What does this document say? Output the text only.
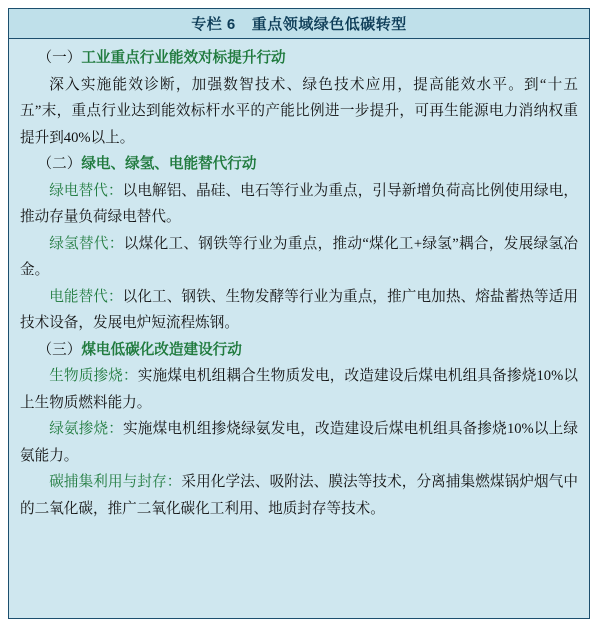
专栏 6 重点领域绿色低碳转型

（一）工业重点行业能效对标提升行动

深入实施能效诊断，加强数智技术、绿色技术应用，提高能效水平。到“十五五”末，重点行业达到能效标杆水平的产能比例进一步提升，可再生能源电力消纳权重提升到40%以上。

（二）绿电、绿氢、电能替代行动

绿电替代：以电解铝、晶硅、电石等行业为重点，引导新增负荷高比例使用绿电，推动存量负荷绿电替代。

绿氢替代：以煤化工、钢铁等行业为重点，推动“煤化工+绿氢”耦合，发展绿氢冶金。

电能替代：以化工、钢铁、生物发酵等行业为重点，推广电加热、熔盐蓄热等适用技术设备，发展电炉短流程炼钢。

（三）煤电低碳化改造建设行动

生物质掺烧：实施煤电机组耦合生物质发电，改造建设后煤电机组具备掺烧10%以上生物质燃料能力。

绿氨掺烧：实施煤电机组掺烧绿氨发电，改造建设后煤电机组具备掺烧10%以上绿氨能力。

碳捕集利用与封存：采用化学法、吸附法、膜法等技术，分离捕集燃煤锅炉烟气中的二氧化碳，推广二氧化碳化工利用、地质封存等技术。
